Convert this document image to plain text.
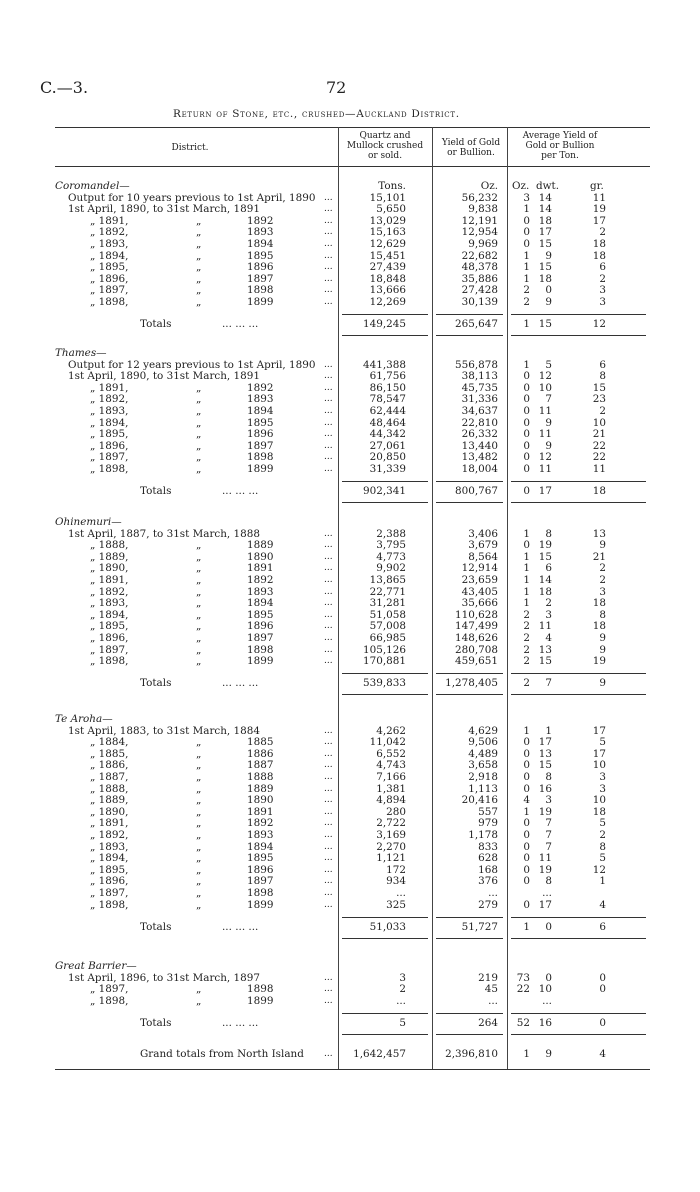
C.—3.	72
Return of Stone, etc., crushed—Auckland District.
District.
Quartz and
Mullock crushed
or sold.
Yield of Gold
or Bullion.
Average Yield of
Gold or Bullion
per Ton.
Tons.	Oz. Oz. dwt.	gr.
Coromandel—
Output for 10 years previous to 1st April, 1890 ...	15,101	56,232	3 14	11
1st April, 1890, to 31st March, 1891	...	5,650	9,838	1 14	19
„ 1891,	„	1892	...	13,029	12,191	0 18	17
„ 1892,	„	1893	...	15,163	12,954	0 17	2
„ 1893,	„	1894	...	12,629	9,969	0 15	18
„ 1894,	„	1895	...	15,451	22,682	1	9	18
„ 1895,	„	1896	...	27,439	48,378	1 15	6
„ 1896,	„	1897	...	18,848	35,886	1 18	2
„ 1897,	„	1898	...	13,666	27,428	2	0	3
„ 1898,	„	1899	...	12,269	30,139	2	9	3
Totals	... ... ...	149,245	265,647	1 15	12
Thames—
Output for 12 years previous to 1st April, 1890 ...	441,388	556,878	1	5	6
1st April, 1890, to 31st March, 1891	...	61,756	38,113	0 12	8
„ 1891,	„	1892	...	86,150	45,735	0 10	15
„ 1892,	„	1893	...	78,547	31,336	0	7	23
„ 1893,	„	1894	...	62,444	34,637	0 11	2
„ 1894,	„	1895	...	48,464	22,810	0	9	10
„ 1895,	„	1896	...	44,342	26,332	0 11	21
„ 1896,	„	1897	...	27,061	13,440	0	9	22
„ 1897,	„	1898	...	20,850	13,482	0 12	22
„ 1898,	„	1899	...	31,339	18,004	0 11	11
Totals	... ... ...	902,341	800,767	0 17	18
Ohinemuri—
1st April, 1887, to 31st March, 1888	...	2,388	3,406	1	8	13
„ 1888,	„	1889	...	3,795	3,679	0 19	9
„ 1889,	„	1890	...	4,773	8,564	1 15	21
„ 1890,	„	1891	...	9,902	12,914	1	6	2
„ 1891,	„	1892	...	13,865	23,659	1 14	2
„ 1892,	„	1893	...	22,771	43,405	1 18	3
„ 1893,	„	1894	...	31,281	35,666	1	2	18
„ 1894,	„	1895	...	51,058	110,628	2	3	8
„ 1895,	„	1896	...	57,008	147,499	2 11	18
„ 1896,	„	1897	...	66,985	148,626	2	4	9
„ 1897,	„	1898	...	105,126	280,708	2 13	9
„ 1898,	„	1899	...	170,881	459,651	2 15	19
Totals	... ... ...	539,833	1,278,405	2	7	9
Te Aroha—
1st April, 1883, to 31st March, 1884	...	4,262	4,629	1	1	17
„ 1884,	„	1885	...	11,042	9,506	0 17	5
„ 1885,	„	1886	...	6,552	4,489	0 13	17
„ 1886,	„	1887	...	4,743	3,658	0 15	10
„ 1887,	„	1888	...	7,166	2,918	0	8	3
„ 1888,	„	1889	...	1,381	1,113	0 16	3
„ 1889,	„	1890	...	4,894	20,416	4	3	10
„ 1890,	„	1891	...	280	557	1 19	18
„ 1891,	„	1892	...	2,722	979	0	7	5
„ 1892,	„	1893	...	3,169	1,178	0	7	2
„ 1893,	„	1894	...	2,270	833	0	7	8
„ 1894,	„	1895	...	1,121	628	0 11	5
„ 1895,	„	1896	...	172	168	0 19	12
„ 1896,	„	1897	...	934	376	0	8	1
„ 1897,	„	1898	...	...	...	...
„ 1898,	„	1899	...	325	279	0 17	4
Totals	... ... ...	51,033	51,727	1	0	6
Great Barrier—
1st April, 1896, to 31st March, 1897	...	3	219	73	0	0
„ 1897,	„	1898	...	2	45	22 10	0
„ 1898,	„	1899	...	...	...	...
Totals	... ... ...	5	264	52 16	0
Grand totals from North Island ...	1,642,457	2,396,810	1	9	4
